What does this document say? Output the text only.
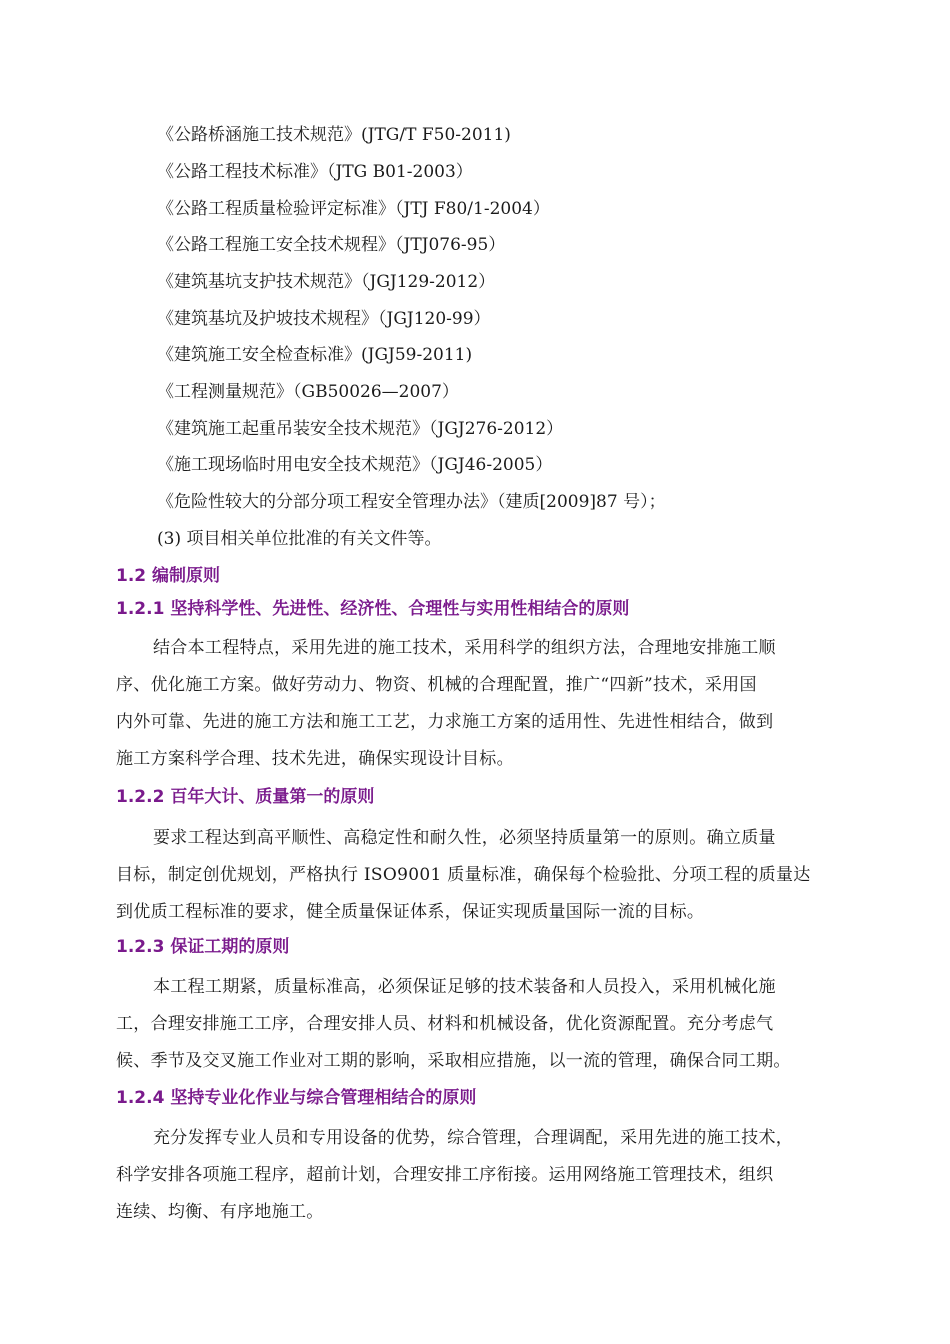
《公路桥涵施工技术规范》(JTG/T F50-2011)
《公路工程技术标准》（JTG B01-2003）
《公路工程质量检验评定标准》（JTJ F80/1-2004）
《公路工程施工安全技术规程》（JTJ076-95）
《建筑基坑支护技术规范》（JGJ129-2012）
《建筑基坑及护坡技术规程》（JGJ120-99）
《建筑施工安全检查标准》(JGJ59-2011)
《工程测量规范》（GB50026—2007）
《建筑施工起重吊装安全技术规范》（JGJ276-2012）
《施工现场临时用电安全技术规范》（JGJ46-2005）
《危险性较大的分部分项工程安全管理办法》（建质[2009]87 号）；
(3) 项目相关单位批准的有关文件等。
1.2 编制原则
1.2.1 坚持科学性、先进性、经济性、合理性与实用性相结合的原则
结合本工程特点，采用先进的施工技术，采用科学的组织方法，合理地安排施工顺
序、优化施工方案。做好劳动力、物资、机械的合理配置，推广“四新”技术，采用国
内外可靠、先进的施工方法和施工工艺，力求施工方案的适用性、先进性相结合，做到
施工方案科学合理、技术先进，确保实现设计目标。
1.2.2 百年大计、质量第一的原则
要求工程达到高平顺性、高稳定性和耐久性，必须坚持质量第一的原则。确立质量
目标，制定创优规划，严格执行 ISO9001 质量标准，确保每个检验批、分项工程的质量达
到优质工程标准的要求，健全质量保证体系，保证实现质量国际一流的目标。
1.2.3 保证工期的原则
本工程工期紧，质量标准高，必须保证足够的技术装备和人员投入，采用机械化施
工，合理安排施工工序，合理安排人员、材料和机械设备，优化资源配置。充分考虑气
候、季节及交叉施工作业对工期的影响，采取相应措施，以一流的管理，确保合同工期。
1.2.4 坚持专业化作业与综合管理相结合的原则
充分发挥专业人员和专用设备的优势，综合管理，合理调配，采用先进的施工技术，
科学安排各项施工程序，超前计划，合理安排工序衔接。运用网络施工管理技术，组织
连续、均衡、有序地施工。
